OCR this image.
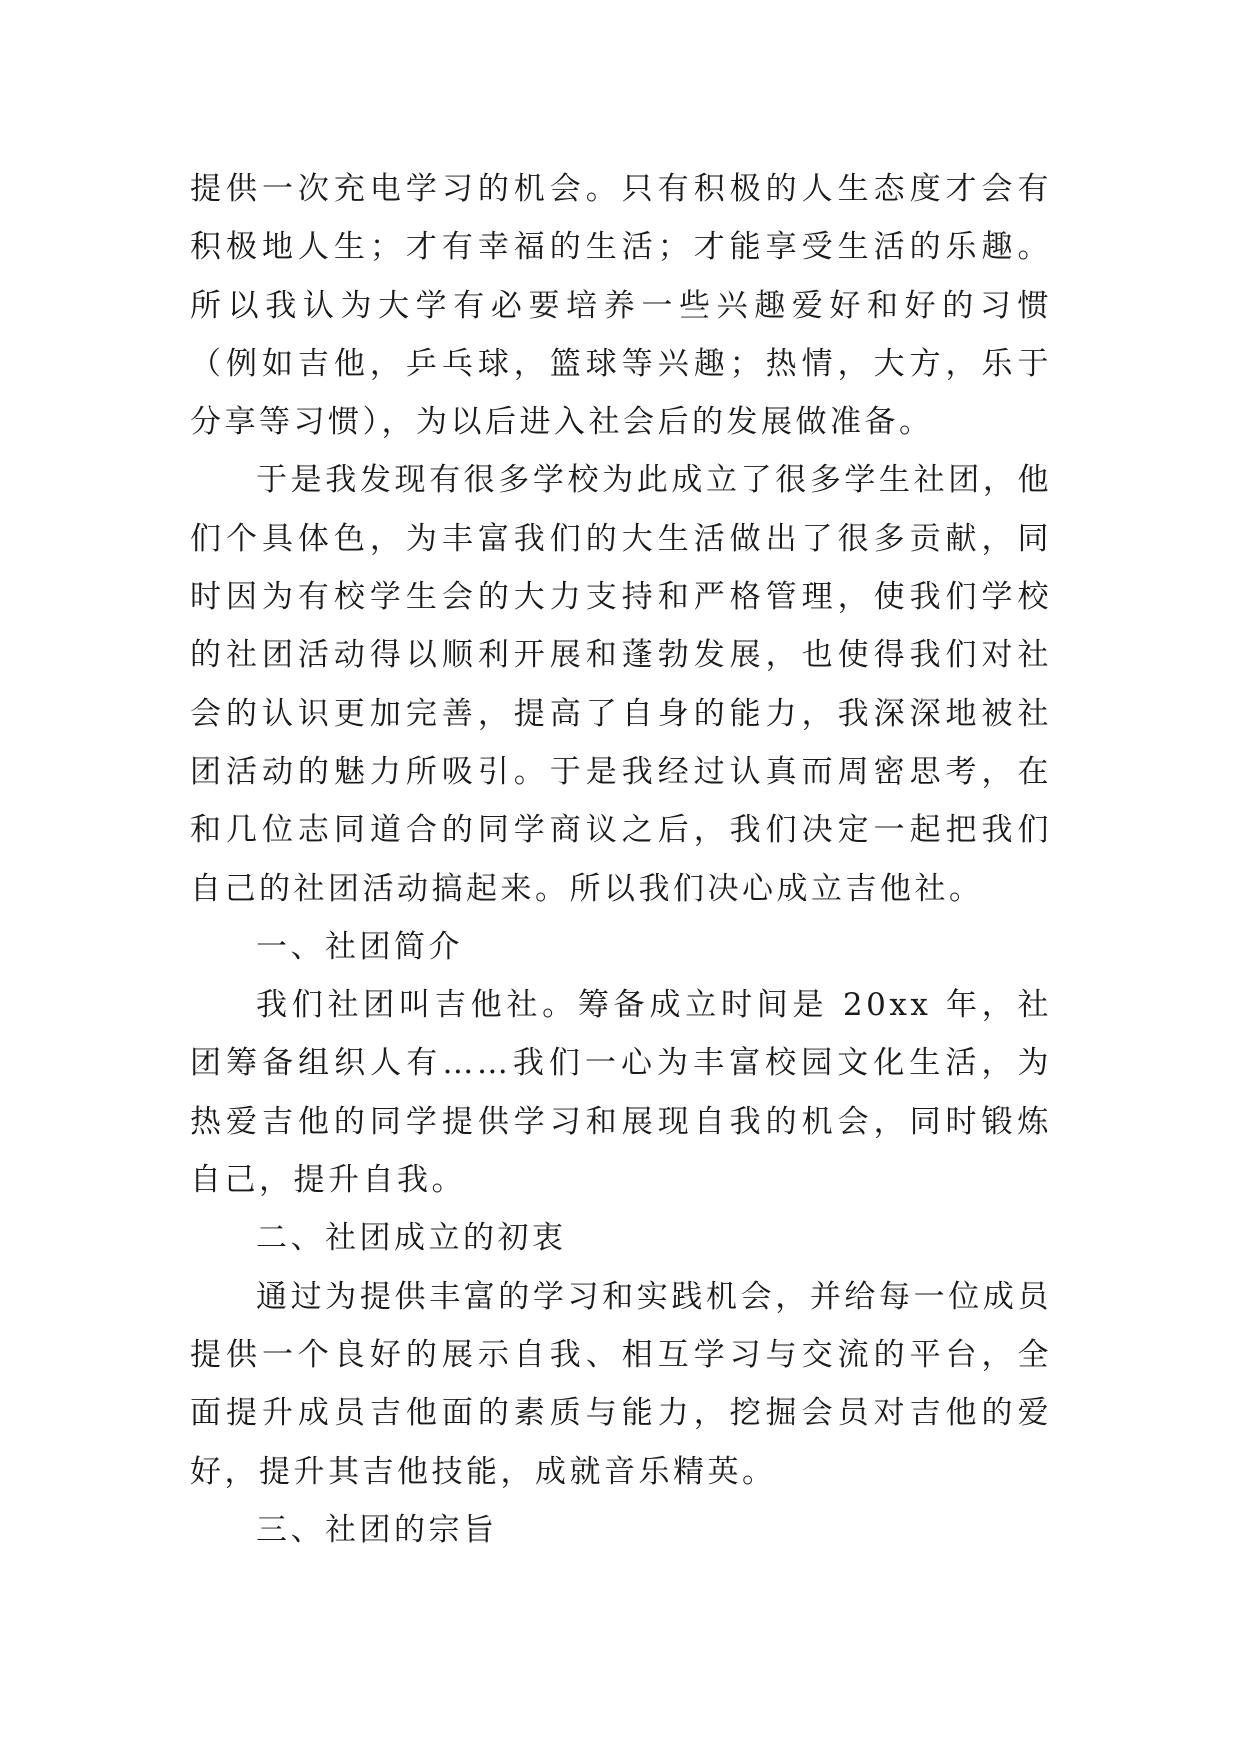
提供一次充电学习的机会。只有积极的人生态度才会有积极地人生；才有幸福的生活；才能享受生活的乐趣。所以我认为大学有必要培养一些兴趣爱好和好的习惯（例如吉他，乒乓球，篮球等兴趣；热情，大方，乐于分享等习惯），为以后进入社会后的发展做准备。

于是我发现有很多学校为此成立了很多学生社团，他们个具体色，为丰富我们的大生活做出了很多贡献，同时因为有校学生会的大力支持和严格管理，使我们学校的社团活动得以顺利开展和蓬勃发展，也使得我们对社会的认识更加完善，提高了自身的能力，我深深地被社团活动的魅力所吸引。于是我经过认真而周密思考，在和几位志同道合的同学商议之后，我们决定一起把我们自己的社团活动搞起来。所以我们决心成立吉他社。

一、社团简介

我们社团叫吉他社。筹备成立时间是 20xx 年，社团筹备组织人有……我们一心为丰富校园文化生活，为热爱吉他的同学提供学习和展现自我的机会，同时锻炼自己，提升自我。

二、社团成立的初衷

通过为提供丰富的学习和实践机会，并给每一位成员提供一个良好的展示自我、相互学习与交流的平台，全面提升成员吉他面的素质与能力，挖掘会员对吉他的爱好，提升其吉他技能，成就音乐精英。

三、社团的宗旨
